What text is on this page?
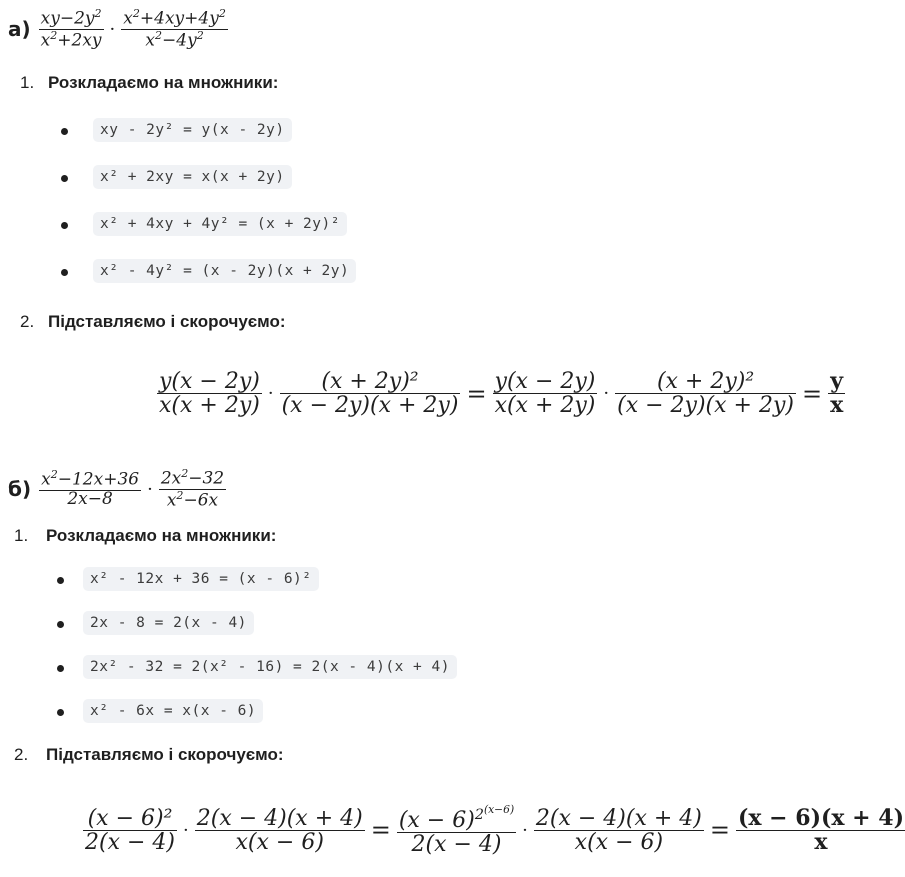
$а) \frac{xy-2y^2}{x^2+2xy} \cdot \frac{x^2+4xy+4y^2}{x^2-4y^2}$
1. Розкладаємо на множники:
xy - 2y² = y(x - 2y)
x² + 2xy = x(x + 2y)
x² + 4xy + 4y² = (x + 2y)²
x² - 4y² = (x - 2y)(x + 2y)
2. Підставляємо і скорочуємо:
$\frac{y(x - 2y)}{x(x + 2y)} \cdot \frac{\text{(x + 2y)²}}{(x - 2y)(x + 2y)} = \frac{y(x - 2y)}{x(x + 2y)} \cdot \frac{\text{(x + 2y)²}}{(x - 2y)(x + 2y)} = \frac{y}{x}$
$б) \frac{x^2-12x+36}{2x-8} \cdot \frac{2x^2-32}{x^2-6x}$
1. Розкладаємо на множники:
x² - 12x + 36 = (x - 6)²
2x - 8 = 2(x - 4)
2x² - 32 = 2(x² - 16) = 2(x - 4)(x + 4)
x² - 6x = x(x - 6)
2. Підставляємо і скорочуємо:
$\frac{\text{(x − 6)²}}{2(x - 4)} \cdot \frac{2(x - 4)(x + 4)}{x(x - 6)} = \frac{(x - 6)^{2^{(x-6)}}}{2(x - 4)} \cdot \frac{2(x - 4)(x + 4)}{x(x - 6)} = \frac{(x - 6)(x + 4)}{x}$
